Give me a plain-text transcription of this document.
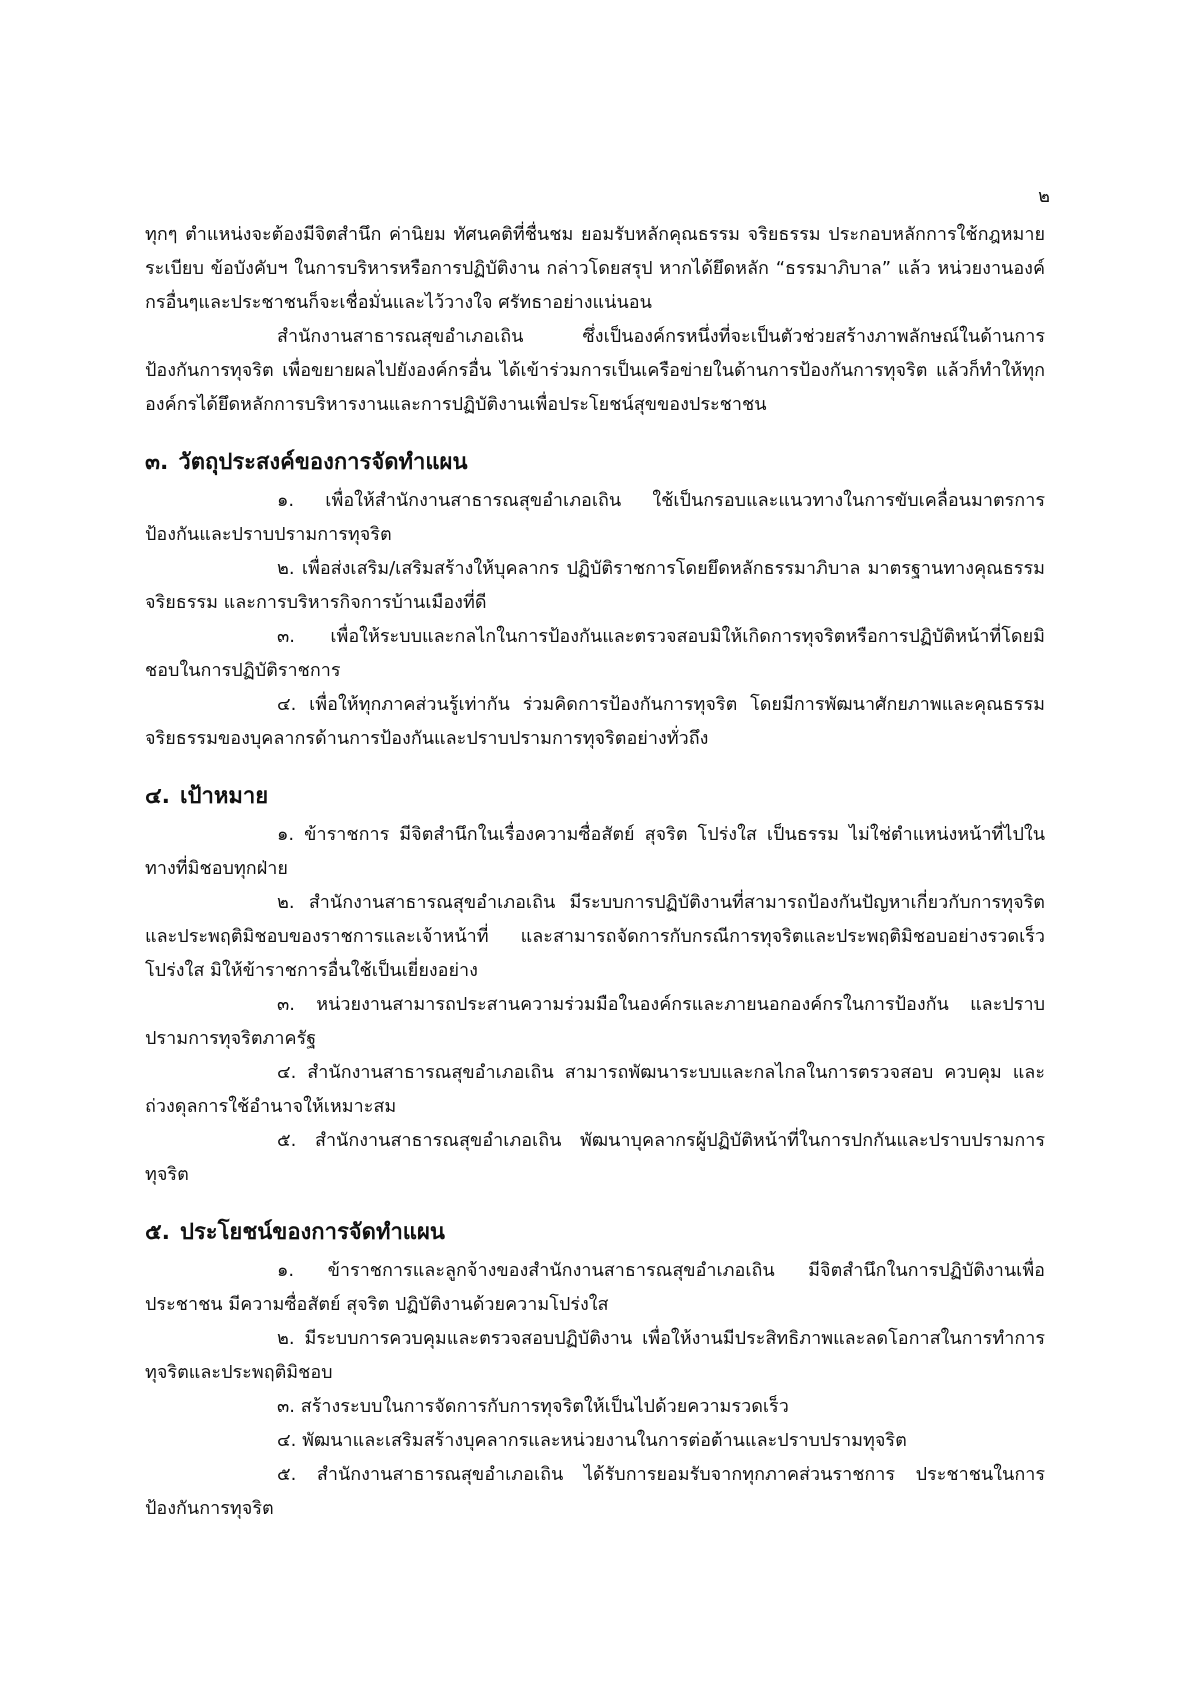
๒

ทุกๆ ตำแหน่งจะต้องมีจิตสำนึก ค่านิยม ทัศนคติที่ชื่นชม ยอมรับหลักคุณธรรม จริยธรรม ประกอบหลักการใช้กฎหมายระเบียบ ข้อบังคับฯ ในการบริหารหรือการปฏิบัติงาน กล่าวโดยสรุป หากได้ยึดหลัก “ธรรมาภิบาล” แล้ว หน่วยงานองค์กรอื่นๆและประชาชนก็จะเชื่อมั่นและไว้วางใจ ศรัทธาอย่างแน่นอน

สำนักงานสาธารณสุขอำเภอเถิน ซึ่งเป็นองค์กรหนึ่งที่จะเป็นตัวช่วยสร้างภาพลักษณ์ในด้านการป้องกันการทุจริต เพื่อขยายผลไปยังองค์กรอื่น ได้เข้าร่วมการเป็นเครือข่ายในด้านการป้องกันการทุจริต แล้วก็ทำให้ทุกองค์กรได้ยึดหลักการบริหารงานและการปฏิบัติงานเพื่อประโยชน์สุขของประชาชน

๓. วัตถุประสงค์ของการจัดทำแผน

๑. เพื่อให้สำนักงานสาธารณสุขอำเภอเถิน ใช้เป็นกรอบและแนวทางในการขับเคลื่อนมาตรการป้องกันและปราบปรามการทุจริต

๒. เพื่อส่งเสริม/เสริมสร้างให้บุคลากร ปฏิบัติราชการโดยยึดหลักธรรมาภิบาล มาตรฐานทางคุณธรรม จริยธรรม และการบริหารกิจการบ้านเมืองที่ดี

๓. เพื่อให้ระบบและกลไกในการป้องกันและตรวจสอบมิให้เกิดการทุจริตหรือการปฏิบัติหน้าที่โดยมิชอบในการปฏิบัติราชการ

๔. เพื่อให้ทุกภาคส่วนรู้เท่ากัน ร่วมคิดการป้องกันการทุจริต โดยมีการพัฒนาศักยภาพและคุณธรรมจริยธรรมของบุคลากรด้านการป้องกันและปราบปรามการทุจริตอย่างทั่วถึง

๔. เป้าหมาย

๑. ข้าราชการ มีจิตสำนึกในเรื่องความซื่อสัตย์ สุจริต โปร่งใส เป็นธรรม ไม่ใช่ตำแหน่งหน้าที่ไปในทางที่มิชอบทุกฝ่าย

๒. สำนักงานสาธารณสุขอำเภอเถิน มีระบบการปฏิบัติงานที่สามารถป้องกันปัญหาเกี่ยวกับการทุจริตและประพฤติมิชอบของราชการและเจ้าหน้าที่ และสามารถจัดการกับกรณีการทุจริตและประพฤติมิชอบอย่างรวดเร็ว โปร่งใส มิให้ข้าราชการอื่นใช้เป็นเยี่ยงอย่าง

๓. หน่วยงานสามารถประสานความร่วมมือในองค์กรและภายนอกองค์กรในการป้องกัน และปราบปรามการทุจริตภาครัฐ

๔. สำนักงานสาธารณสุขอำเภอเถิน สามารถพัฒนาระบบและกลไกลในการตรวจสอบ ควบคุม และถ่วงดุลการใช้อำนาจให้เหมาะสม

๕. สำนักงานสาธารณสุขอำเภอเถิน พัฒนาบุคลากรผู้ปฏิบัติหน้าที่ในการปกกันและปราบปรามการทุจริต

๕. ประโยชน์ของการจัดทำแผน

๑. ข้าราชการและลูกจ้างของสำนักงานสาธารณสุขอำเภอเถิน มีจิตสำนึกในการปฏิบัติงานเพื่อประชาชน มีความซื่อสัตย์ สุจริต ปฏิบัติงานด้วยความโปร่งใส

๒. มีระบบการควบคุมและตรวจสอบปฏิบัติงาน เพื่อให้งานมีประสิทธิภาพและลดโอกาสในการทำการทุจริตและประพฤติมิชอบ

๓. สร้างระบบในการจัดการกับการทุจริตให้เป็นไปด้วยความรวดเร็ว

๔. พัฒนาและเสริมสร้างบุคลากรและหน่วยงานในการต่อต้านและปราบปรามทุจริต

๕. สำนักงานสาธารณสุขอำเภอเถิน ได้รับการยอมรับจากทุกภาคส่วนราชการ ประชาชนในการป้องกันการทุจริต
